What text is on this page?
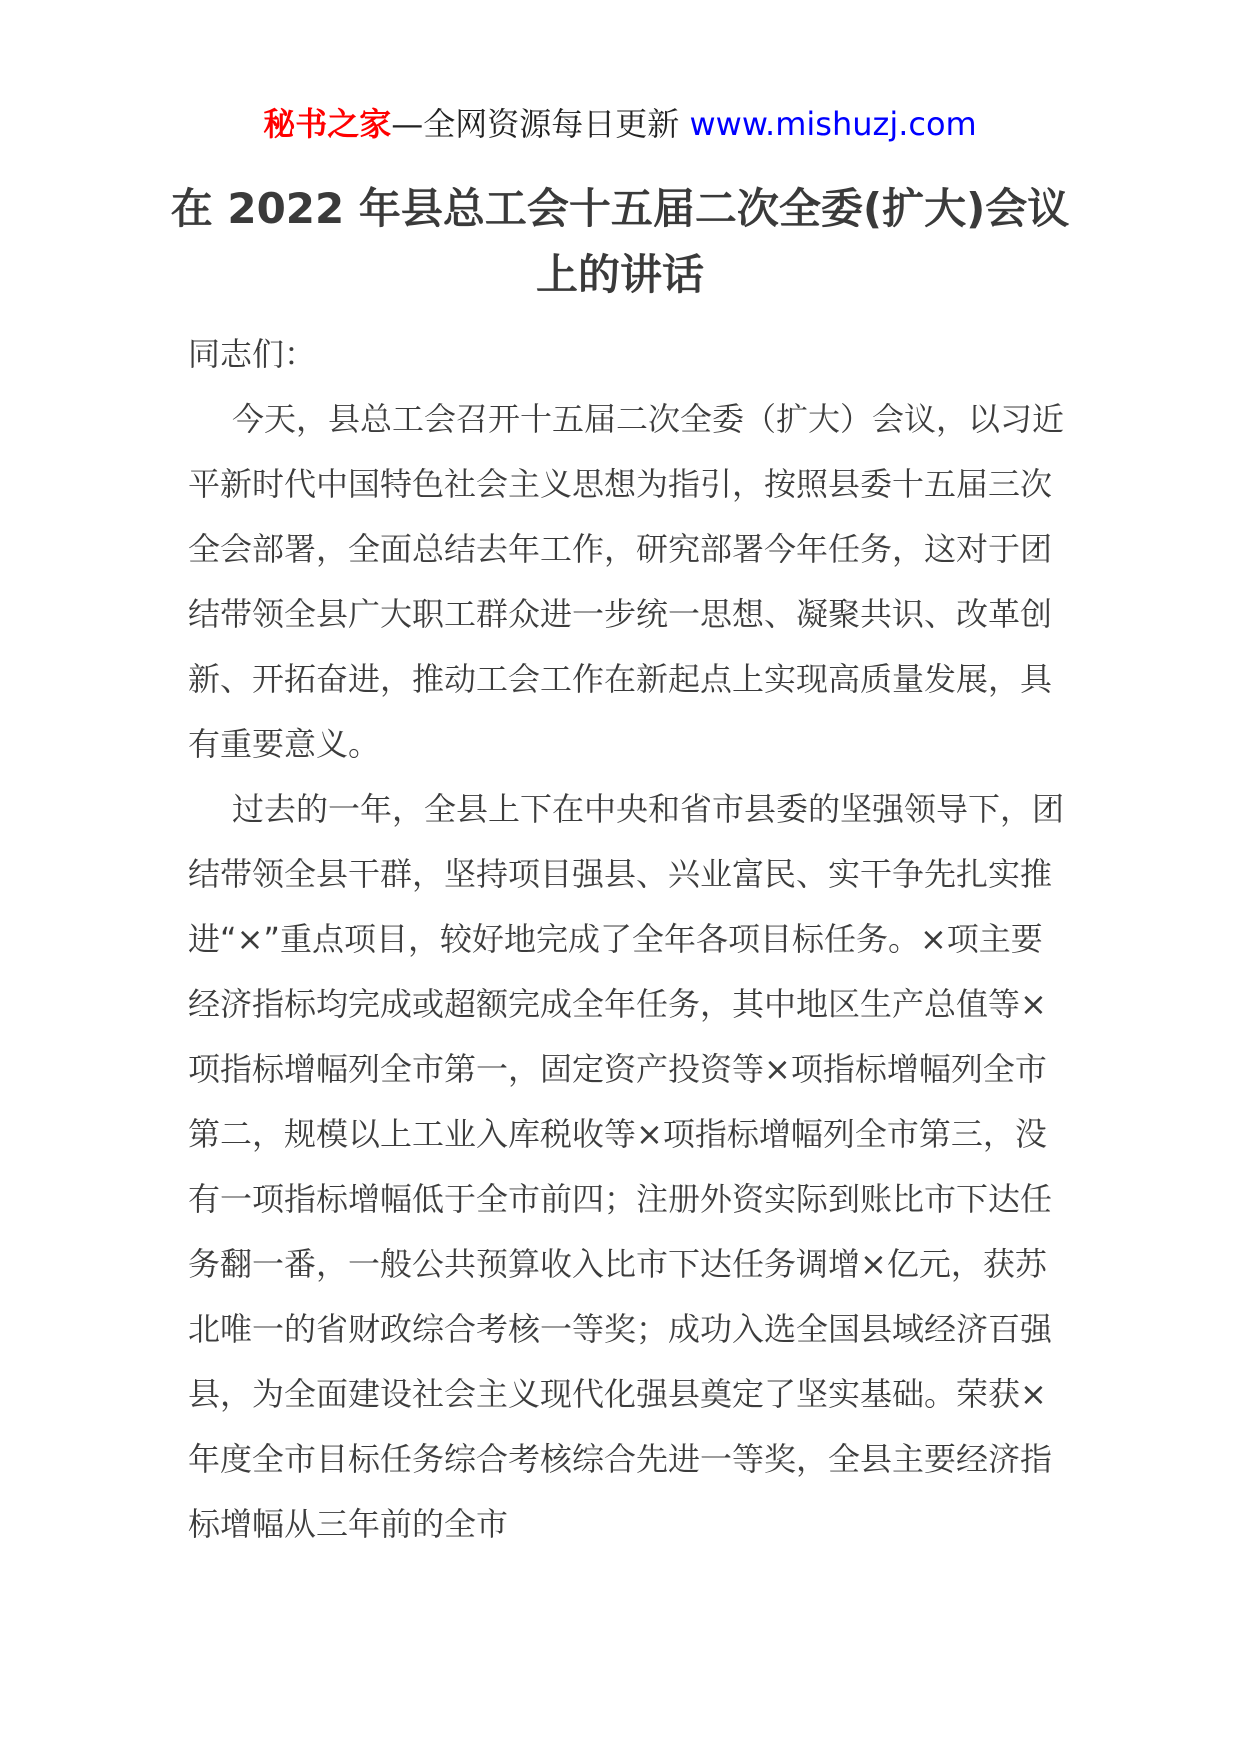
秘书之家—全网资源每日更新 www.mishuzj.com
在 2022 年县总工会十五届二次全委(扩大)会议上的讲话

同志们：

今天，县总工会召开十五届二次全委（扩大）会议，以习近平新时代中国特色社会主义思想为指引，按照县委十五届三次全会部署，全面总结去年工作，研究部署今年任务，这对于团结带领全县广大职工群众进一步统一思想、凝聚共识、改革创新、开拓奋进，推动工会工作在新起点上实现高质量发展，具有重要意义。

过去的一年，全县上下在中央和省市县委的坚强领导下，团结带领全县干群，坚持项目强县、兴业富民、实干争先扎实推进“×”重点项目，较好地完成了全年各项目标任务。×项主要经济指标均完成或超额完成全年任务，其中地区生产总值等×项指标增幅列全市第一，固定资产投资等×项指标增幅列全市第二，规模以上工业入库税收等×项指标增幅列全市第三，没有一项指标增幅低于全市前四；注册外资实际到账比市下达任务翻一番，一般公共预算收入比市下达任务调增×亿元，获苏北唯一的省财政综合考核一等奖；成功入选全国县域经济百强县，为全面建设社会主义现代化强县奠定了坚实基础。荣获×年度全市目标任务综合考核综合先进一等奖，全县主要经济指标增幅从三年前的全市
